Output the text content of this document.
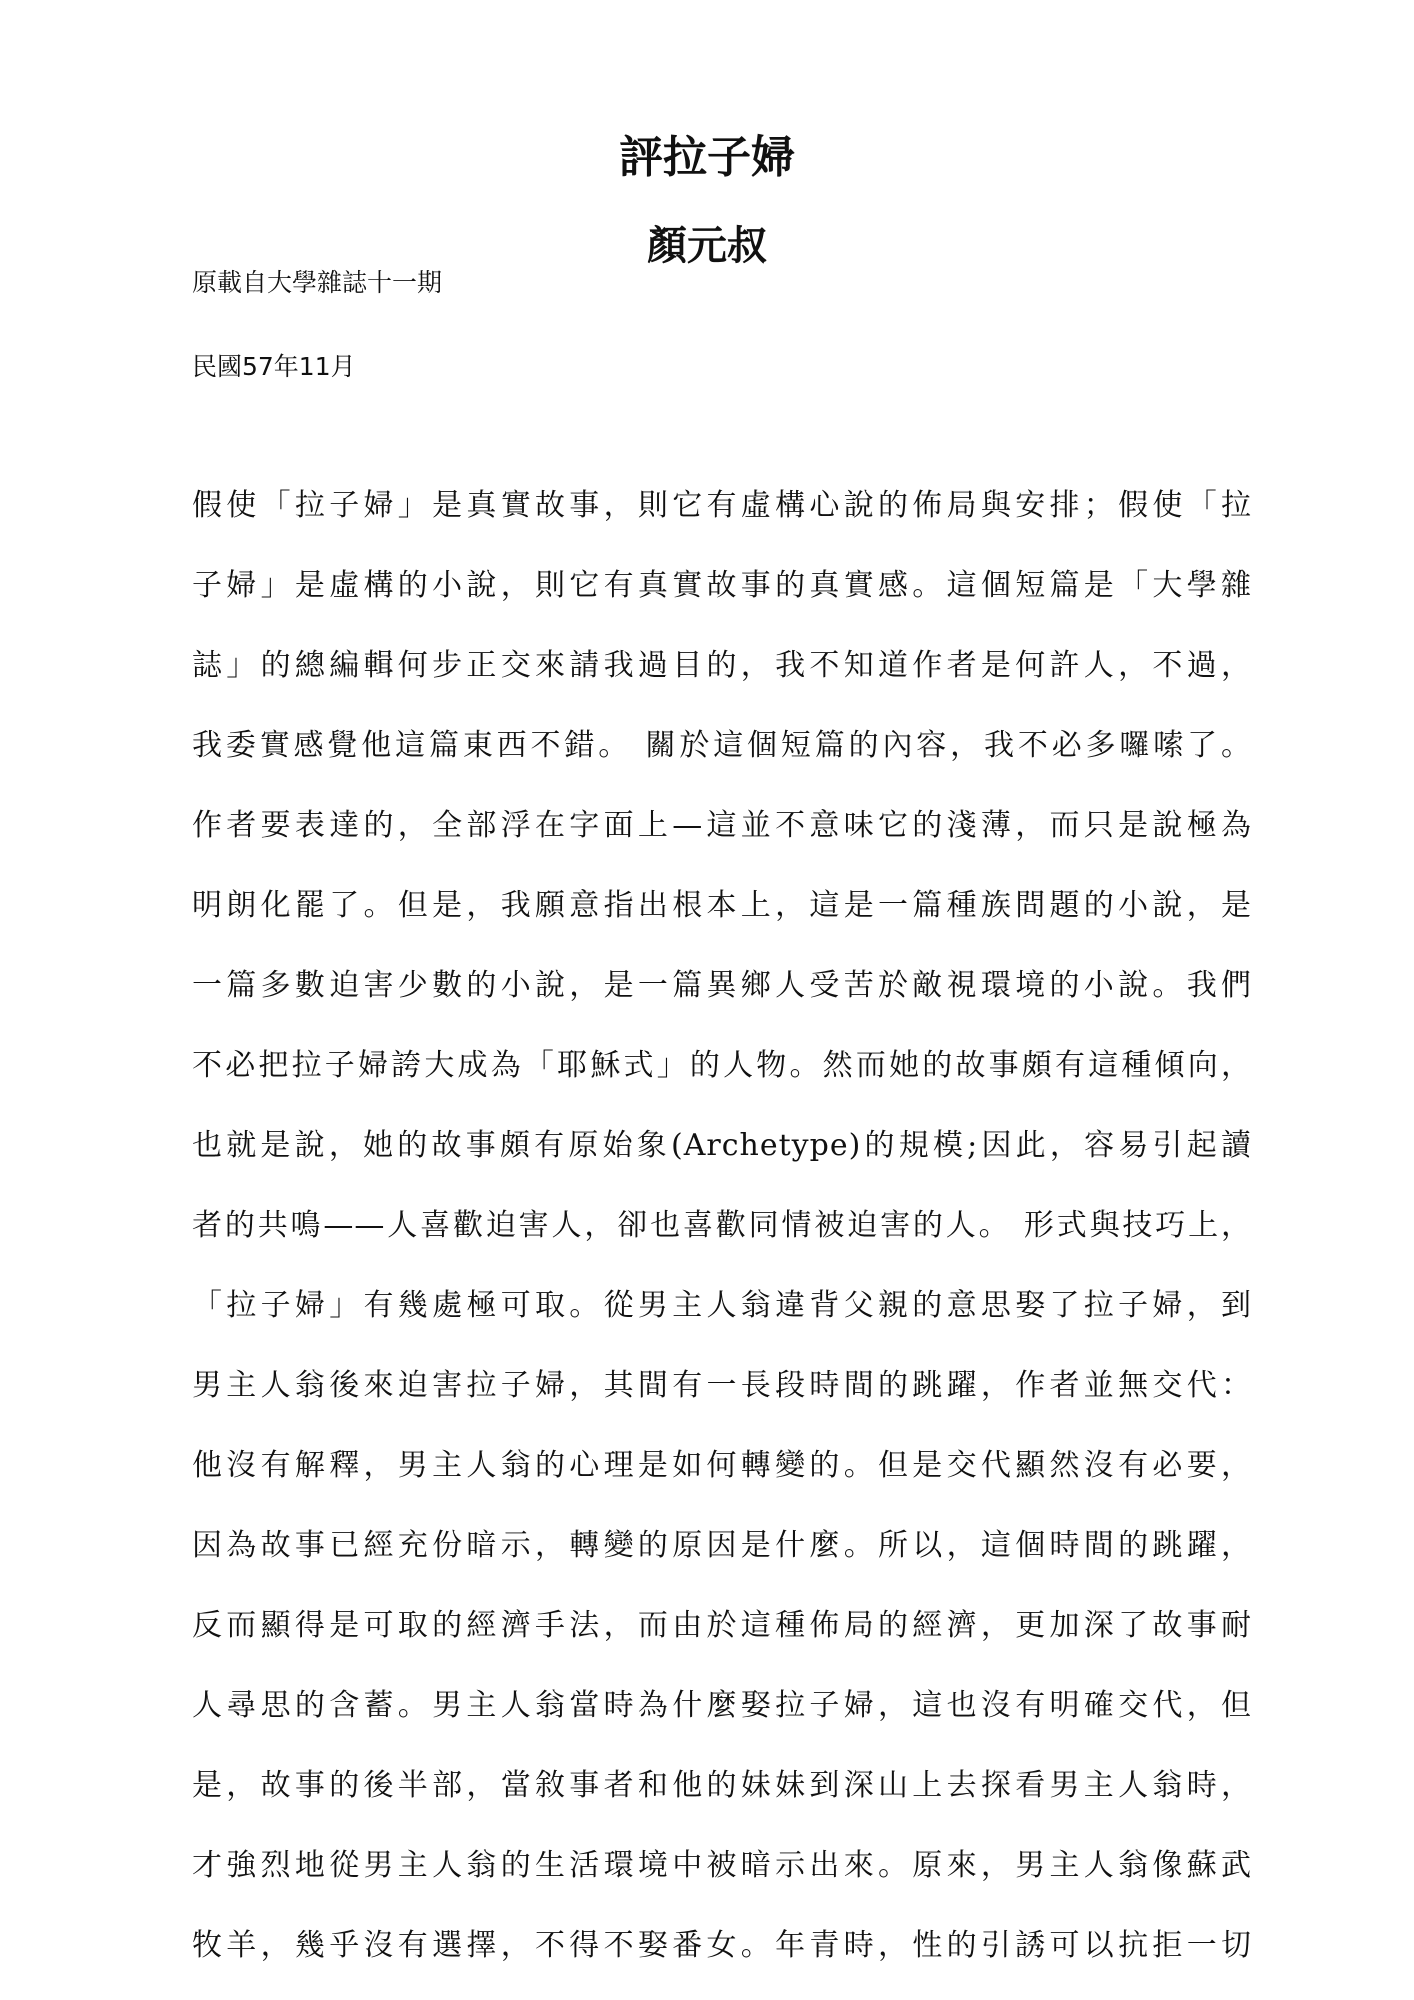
評拉子婦
顏元叔

原載自大學雜誌十一期

民國57年11月

假使「拉子婦」是真實故事，則它有虛構心說的佈局與安排；假使「拉

子婦」是虛構的小說，則它有真實故事的真實感。這個短篇是「大學雜

誌」的總編輯何步正交來請我過目的，我不知道作者是何許人，不過，

我委實感覺他這篇東西不錯。 關於這個短篇的內容，我不必多囉嗦了。

作者要表達的，全部浮在字面上—這並不意味它的淺薄，而只是說極為

明朗化罷了。但是，我願意指出根本上，這是一篇種族問題的小說，是

一篇多數迫害少數的小說，是一篇異鄉人受苦於敵視環境的小說。我們

不必把拉子婦誇大成為「耶穌式」的人物。然而她的故事頗有這種傾向，

也就是說，她的故事頗有原始象(Archetype)的規模;因此，容易引起讀

者的共鳴——人喜歡迫害人，卻也喜歡同情被迫害的人。 形式與技巧上，

「拉子婦」有幾處極可取。從男主人翁違背父親的意思娶了拉子婦，到

男主人翁後來迫害拉子婦，其間有一長段時間的跳躍，作者並無交代：

他沒有解釋，男主人翁的心理是如何轉變的。但是交代顯然沒有必要，

因為故事已經充份暗示，轉變的原因是什麼。所以，這個時間的跳躍，

反而顯得是可取的經濟手法，而由於這種佈局的經濟，更加深了故事耐

人尋思的含蓄。男主人翁當時為什麼娶拉子婦，這也沒有明確交代，但

是，故事的後半部，當敘事者和他的妹妹到深山上去探看男主人翁時，

才強烈地從男主人翁的生活環境中被暗示出來。原來，男主人翁像蘇武

牧羊，幾乎沒有選擇，不得不娶番女。年青時，性的引誘可以抗拒一切
